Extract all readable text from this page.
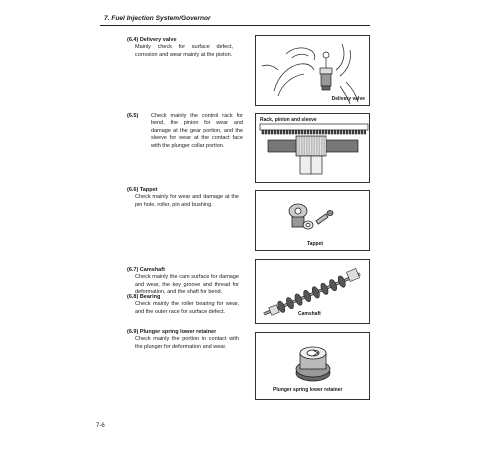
7. Fuel Injection System/Governor
(6.4) Delivery valve
Mainly check for surface defect, corrosion and wear mainly at the piston.
(6.5)	Check mainly the control rack for bend, the pinion for wear and damage at the gear portion, and the sleeve for wear at the contact face with the plunger collar portion.
(6.6) Tappet
Check mainly for wear and damage at the pin hole, roller, pin and bushing.
(6.7) Camshaft
Check mainly the cam surface for damage and wear, the key groove and thread for deformation, and the shaft for bend.
(6.8) Bearing
Check mainly the roller bearing for wear, and the outer race for surface defect.
(6.9) Plunger spring lower retainer
Check mainly the portion in contact with the plunger for deformation and wear.
Delivery valve
Rack, pinion and sleeve
Tappet
Camshaft
Plunger spring lower retainer
7-6
